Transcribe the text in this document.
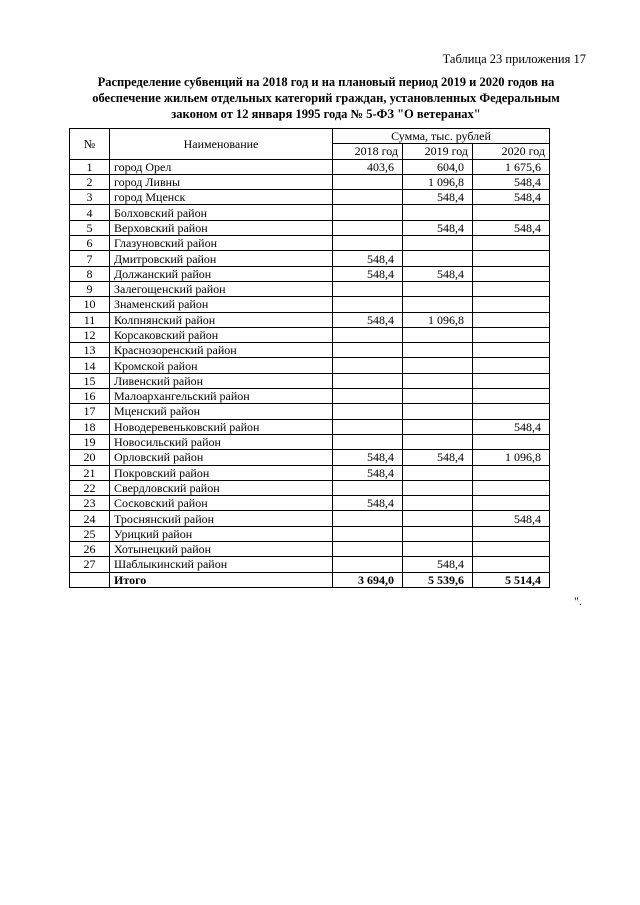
Таблица 23 приложения 17
Распределение субвенций на 2018 год и на плановый период 2019 и 2020 годов на
обеспечение жильем отдельных категорий граждан, установленных Федеральным
законом от 12 января 1995 года № 5-ФЗ "О ветеранах"
№	Наименование	Сумма, тыс. рублей		
		2018 год	2019 год	2020 год
1	город Орел	403,6	604,0	1 675,6
2	город Ливны		1 096,8	548,4
3	город Мценск		548,4	548,4
4	Болховский район			
5	Верховский район		548,4	548,4
6	Глазуновский район			
7	Дмитровский район	548,4		
8	Должанский район	548,4	548,4	
9	Залегощенский район			
10	Знаменский район			
11	Колпнянский район	548,4	1 096,8	
12	Корсаковский район			
13	Краснозоренский район			
14	Кромской район			
15	Ливенский район			
16	Малоархангельский район			
17	Мценский район			
18	Новодеревеньковский район			548,4
19	Новосильский район			
20	Орловский район	548,4	548,4	1 096,8
21	Покровский район	548,4		
22	Свердловский район			
23	Сосковский район	548,4		
24	Троснянский район			548,4
25	Урицкий район			
26	Хотынецкий район			
27	Шаблыкинский район		548,4	
	Итого	3 694,0	5 539,6	5 514,4
".
